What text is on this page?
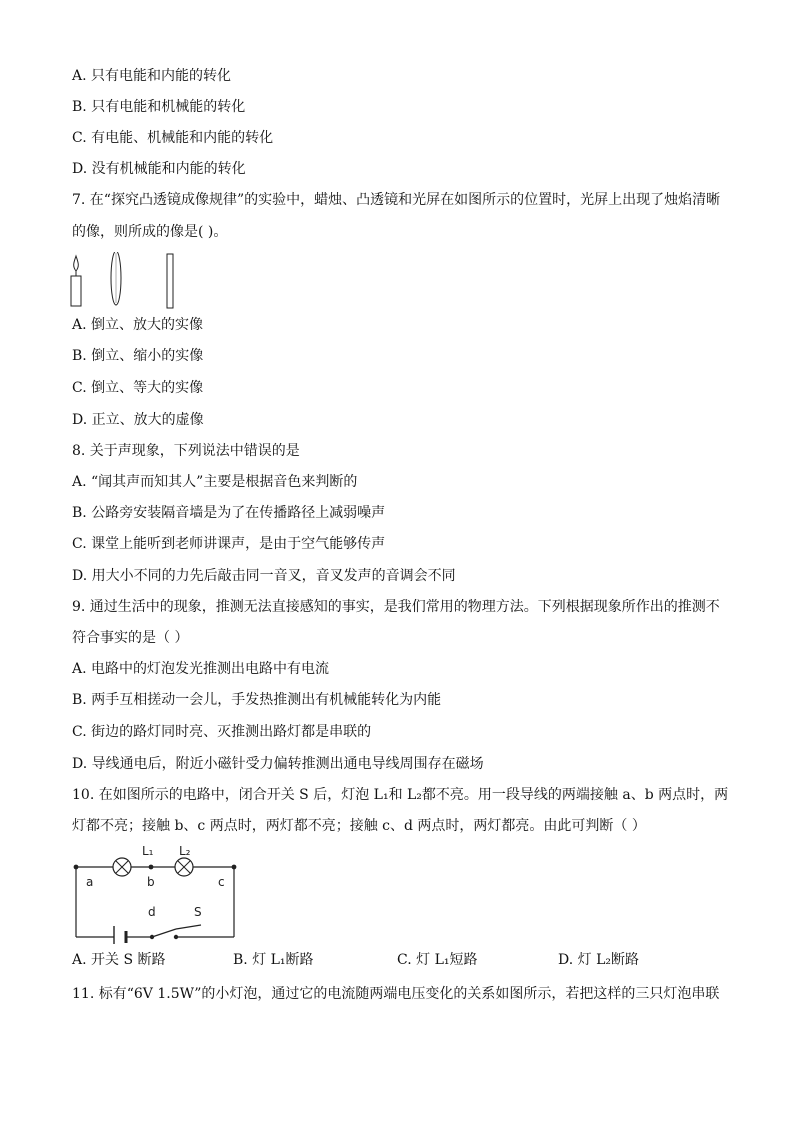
A. 只有电能和内能的转化
B. 只有电能和机械能的转化
C. 有电能、机械能和内能的转化
D. 没有机械能和内能的转化
7. 在“探究凸透镜成像规律”的实验中，蜡烛、凸透镜和光屏在如图所示的位置时，光屏上出现了烛焰清晰
的像，则所成的像是( )。
A. 倒立、放大的实像
B. 倒立、缩小的实像
C. 倒立、等大的实像
D. 正立、放大的虚像
8. 关于声现象，下列说法中错误的是
A. “闻其声而知其人”主要是根据音色来判断的
B. 公路旁安装隔音墙是为了在传播路径上减弱噪声
C. 课堂上能听到老师讲课声，是由于空气能够传声
D. 用大小不同的力先后敲击同一音叉，音叉发声的音调会不同
9. 通过生活中的现象，推测无法直接感知的事实，是我们常用的物理方法。下列根据现象所作出的推测不
符合事实的是（ ）
A. 电路中的灯泡发光推测出电路中有电流
B. 两手互相搓动一会儿，手发热推测出有机械能转化为内能
C. 街边的路灯同时亮、灭推测出路灯都是串联的
D. 导线通电后，附近小磁针受力偏转推测出通电导线周围存在磁场
10. 在如图所示的电路中，闭合开关 S 后，灯泡 L₁和 L₂都不亮。用一段导线的两端接触 a、b 两点时，两
灯都不亮；接触 b、c 两点时，两灯都不亮；接触 c、d 两点时，两灯都亮。由此可判断（ ）
L₁ L₂
a	b	c
d	S
A. 开关 S 断路	B. 灯 L₁断路	C. 灯 L₁短路	D. 灯 L₂断路
11. 标有“6V 1.5W”的小灯泡，通过它的电流随两端电压变化的关系如图所示，若把这样的三只灯泡串联
